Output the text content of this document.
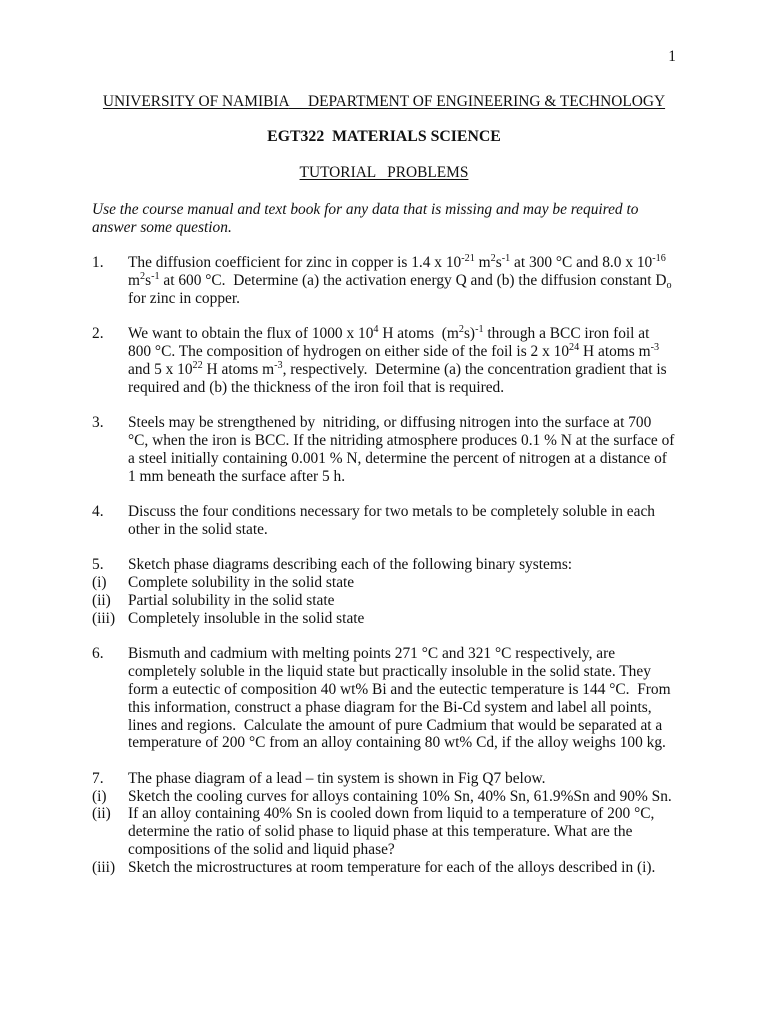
1
UNIVERSITY OF NAMIBIA DEPARTMENT OF ENGINEERING & TECHNOLOGY
EGT322  MATERIALS SCIENCE
TUTORIAL   PROBLEMS
Use the course manual and text book for any data that is missing and may be required to
answer some question.
1.	The diffusion coefficient for zinc in copper is 1.4 x $10^{-21}$ $m^2s^{-1}$ at 300 °C and 8.0 x $10^{-16}$
$m^2s^{-1}$ at 600 °C.  Determine (a) the activation energy Q and (b) the diffusion constant $D_o$
for zinc in copper.
2.	We want to obtain the flux of 1000 x $10^4$ H atoms  $(m^2s)^{-1}$ through a BCC iron foil at
800 °C. The composition of hydrogen on either side of the foil is 2 x $10^{24}$ H atoms $m^{-3}$
and 5 x $10^{22}$ H atoms $m^{-3}$, respectively.  Determine (a) the concentration gradient that is
required and (b) the thickness of the iron foil that is required.
3.	Steels may be strengthened by  nitriding, or diffusing nitrogen into the surface at 700
°C, when the iron is BCC. If the nitriding atmosphere produces 0.1 % N at the surface of
a steel initially containing 0.001 % N, determine the percent of nitrogen at a distance of
1 mm beneath the surface after 5 h.
4.	Discuss the four conditions necessary for two metals to be completely soluble in each
other in the solid state.
5.	Sketch phase diagrams describing each of the following binary systems:
(i)	Complete solubility in the solid state
(ii)	Partial solubility in the solid state
(iii) Completely insoluble in the solid state
6.	Bismuth and cadmium with melting points 271 °C and 321 °C respectively, are
completely soluble in the liquid state but practically insoluble in the solid state. They
form a eutectic of composition 40 wt% Bi and the eutectic temperature is 144 °C.  From
this information, construct a phase diagram for the Bi-Cd system and label all points,
lines and regions.  Calculate the amount of pure Cadmium that would be separated at a
temperature of 200 °C from an alloy containing 80 wt% Cd, if the alloy weighs 100 kg.
7.	The phase diagram of a lead – tin system is shown in Fig Q7 below.
(i)	Sketch the cooling curves for alloys containing 10% Sn, 40% Sn, 61.9%Sn and 90% Sn.
(ii)	If an alloy containing 40% Sn is cooled down from liquid to a temperature of 200 °C,
determine the ratio of solid phase to liquid phase at this temperature. What are the
compositions of the solid and liquid phase?
(iii) Sketch the microstructures at room temperature for each of the alloys described in (i).
